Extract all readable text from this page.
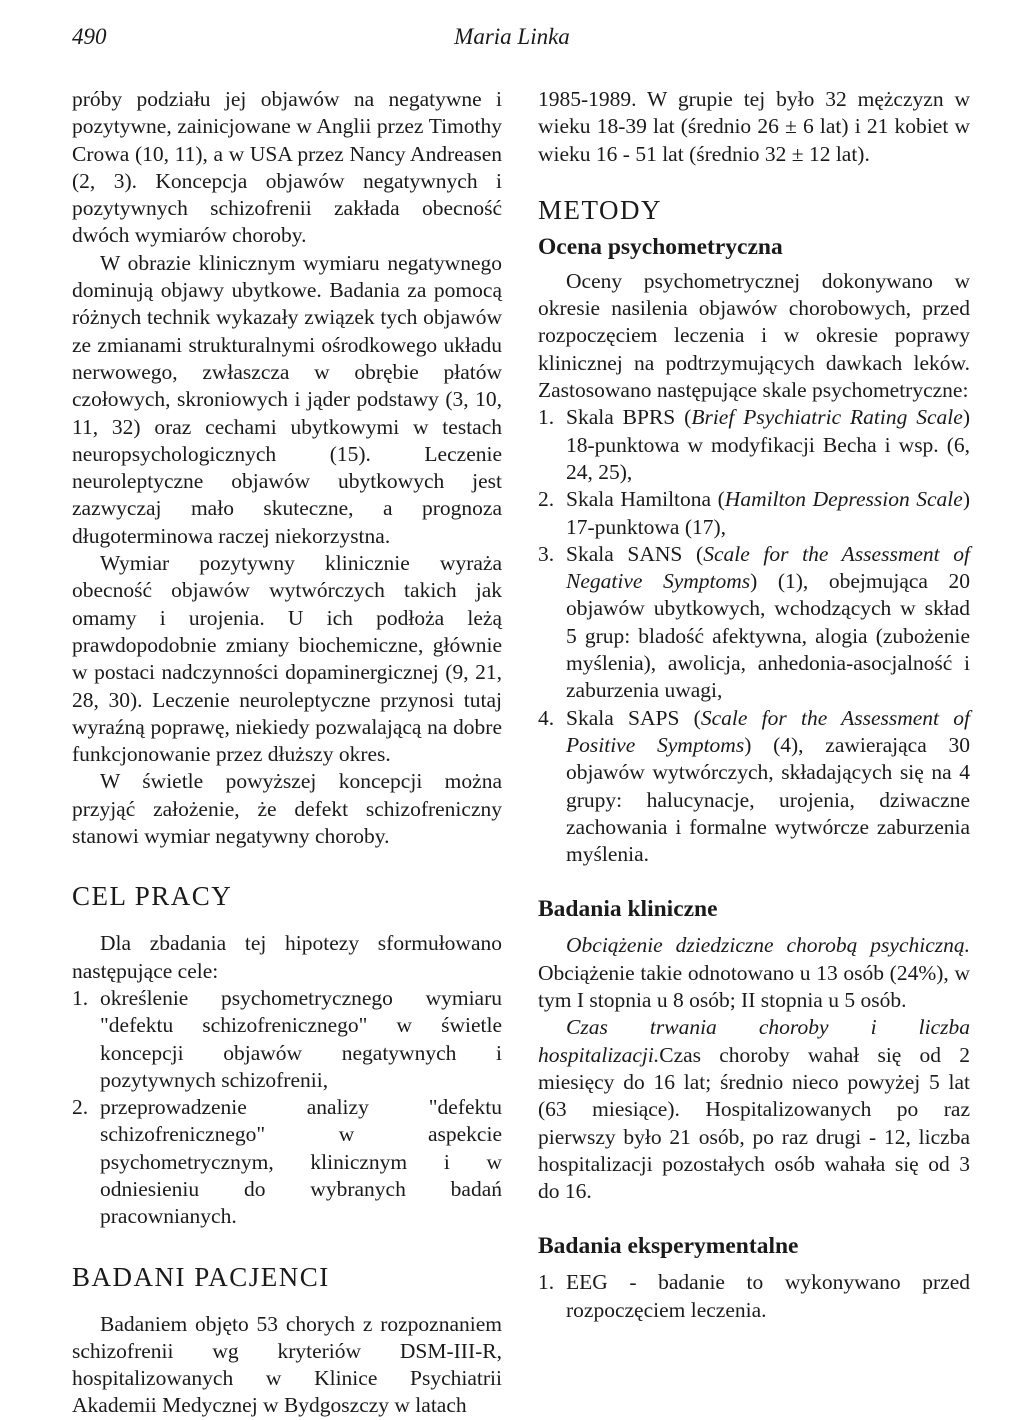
490	Maria Linka

próby podziału jej objawów na negatywne i pozytywne, zainicjowane w Anglii przez Timothy Crowa (10, 11), a w USA przez Nancy Andreasen (2, 3). Koncepcja objawów negatywnych i pozytywnych schizofrenii zakłada obecność dwóch wymiarów choroby.

W obrazie klinicznym wymiaru negatywnego dominują objawy ubytkowe. Badania za pomocą różnych technik wykazały związek tych objawów ze zmianami strukturalnymi ośrodkowego układu nerwowego, zwłaszcza w obrębie płatów czołowych, skroniowych i jąder podstawy (3, 10, 11, 32) oraz cechami ubytkowymi w testach neuropsychologicznych (15). Leczenie neuroleptyczne objawów ubytkowych jest zazwyczaj mało skuteczne, a prognoza długoterminowa raczej niekorzystna.

Wymiar pozytywny klinicznie wyraża obecność objawów wytwórczych takich jak omamy i urojenia. U ich podłoża leżą prawdopodobnie zmiany biochemiczne, głównie w postaci nadczynności dopaminergicznej (9, 21, 28, 30). Leczenie neuroleptyczne przynosi tutaj wyraźną poprawę, niekiedy pozwalającą na dobre funkcjonowanie przez dłuższy okres.

W świetle powyższej koncepcji można przyjąć założenie, że defekt schizofreniczny stanowi wymiar negatywny choroby.

CEL PRACY

Dla zbadania tej hipotezy sformułowano następujące cele:

1. określenie psychometrycznego wymiaru "defektu schizofrenicznego" w świetle koncepcji objawów negatywnych i pozytywnych schizofrenii,
2. przeprowadzenie analizy "defektu schizofrenicznego" w aspekcie psychometrycznym, klinicznym i w odniesieniu do wybranych badań pracownianych.
BADANI PACJENCI

Badaniem objęto 53 chorych z rozpoznaniem schizofrenii wg kryteriów DSM-III-R, hospitalizowanych w Klinice Psychiatrii Akademii Medycznej w Bydgoszczy w latach

1985-1989. W grupie tej było 32 mężczyzn w wieku 18-39 lat (średnio 26 ± 6 lat) i 21 kobiet w wieku 16 - 51 lat (średnio 32 ± 12 lat).

METODY
Ocena psychometryczna

Oceny psychometrycznej dokonywano w okresie nasilenia objawów chorobowych, przed rozpoczęciem leczenia i w okresie poprawy klinicznej na podtrzymujących dawkach leków. Zastosowano następujące skale psychometryczne:

1. Skala BPRS (Brief Psychiatric Rating Scale) 18-punktowa w modyfikacji Becha i wsp. (6, 24, 25),
2. Skala Hamiltona (Hamilton Depression Scale) 17-punktowa (17),
3. Skala SANS (Scale for the Assessment of Negative Symptoms) (1), obejmująca 20 objawów ubytkowych, wchodzących w skład 5 grup: bladość afektywna, alogia (zubożenie myślenia), awolicja, anhedonia-asocjalność i zaburzenia uwagi,
4. Skala SAPS (Scale for the Assessment of Positive Symptoms) (4), zawierająca 30 objawów wytwórczych, składających się na 4 grupy: halucynacje, urojenia, dziwaczne zachowania i formalne wytwórcze zaburzenia myślenia.
Badania kliniczne

Obciążenie dziedziczne chorobą psychiczną. Obciążenie takie odnotowano u 13 osób (24%), w tym I stopnia u 8 osób; II stopnia u 5 osób.

Czas trwania choroby i liczba hospitalizacji.Czas choroby wahał się od 2 miesięcy do 16 lat; średnio nieco powyżej 5 lat (63 miesiące). Hospitalizowanych po raz pierwszy było 21 osób, po raz drugi - 12, liczba hospitalizacji pozostałych osób wahała się od 3 do 16.

Badania eksperymentalne
1. EEG - badanie to wykonywano przed rozpoczęciem leczenia.
